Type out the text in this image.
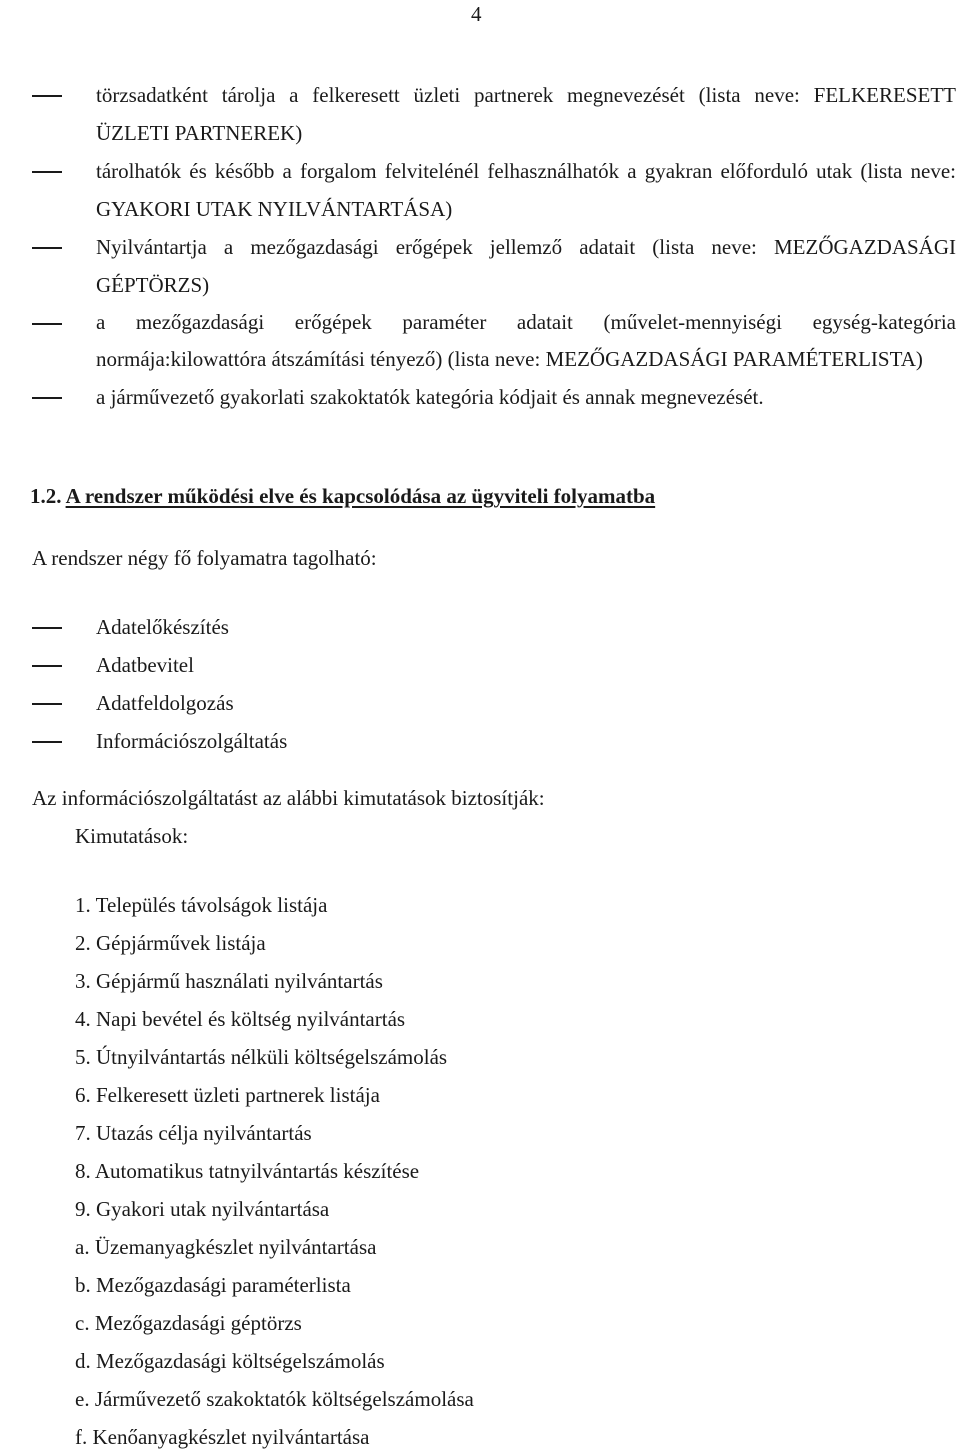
4
törzsadatként tárolja a felkeresett üzleti partnerek megnevezését (lista neve: FELKERESETT ÜZLETI PARTNEREK)
tárolhatók és később a forgalom felvitelénél felhasználhatók a gyakran előforduló utak (lista neve: GYAKORI UTAK NYILVÁNTARTÁSA)
Nyilvántartja a mezőgazdasági erőgépek jellemző adatait (lista neve: MEZŐGAZDASÁGI GÉPTÖRZS)
a mezőgazdasági erőgépek paraméter adatait (művelet-mennyiségi egység-kategória normája:kilowattóra átszámítási tényező) (lista neve: MEZŐGAZDASÁGI PARAMÉTERLISTA)
a járművezető gyakorlati szakoktatók kategória kódjait és annak megnevezését.
1.2. A rendszer működési elve és kapcsolódása az ügyviteli folyamatba
A rendszer négy fő folyamatra tagolható:
Adatelőkészítés
Adatbevitel
Adatfeldolgozás
Információszolgáltatás
Az információszolgáltatást az alábbi kimutatások biztosítják:
Kimutatások:
1. Település távolságok listája
2. Gépjárművek listája
3. Gépjármű használati nyilvántartás
4. Napi bevétel és költség nyilvántartás
5. Útnyilvántartás nélküli költségelszámolás
6. Felkeresett üzleti partnerek listája
7. Utazás célja nyilvántartás
8. Automatikus tatnyilvántartás készítése
9. Gyakori utak nyilvántartása
a. Üzemanyagkészlet nyilvántartása
b. Mezőgazdasági paraméterlista
c. Mezőgazdasági géptörzs
d. Mezőgazdasági költségelszámolás
e. Járművezető szakoktatók költségelszámolása
f. Kenőanyagkészlet nyilvántartása
